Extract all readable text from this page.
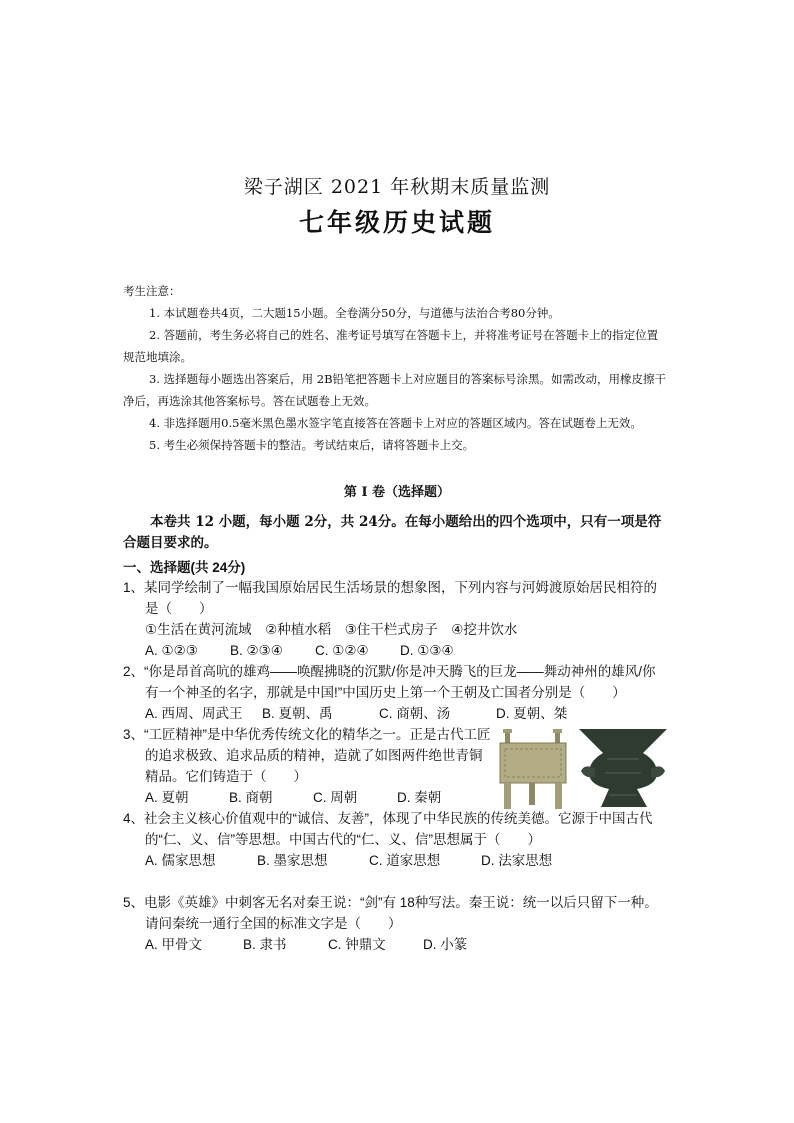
梁子湖区 2021 年秋期末质量监测
七年级历史试题

考生注意：

1. 本试题卷共4页，二大题15小题。全卷满分50分，与道德与法治合考80分钟。

2. 答题前，考生务必将自己的姓名、准考证号填写在答题卡上，并将准考证号在答题卡上的指定位置规范地填涂。

3. 选择题每小题选出答案后，用 2B铅笔把答题卡上对应题目的答案标号涂黑。如需改动，用橡皮擦干净后，再选涂其他答案标号。答在试题卷上无效。

4. 非选择题用0.5毫米黑色墨水签字笔直接答在答题卡上对应的答题区域内。答在试题卷上无效。

5. 考生必须保持答题卡的整洁。考试结束后，请将答题卡上交。

第 Ⅰ 卷（选择题）
本卷共 12 小题，每小题 2分，共 24分。在每小题给出的四个选项中，只有一项是符合题目要求的。
一、选择题(共 24分)
1、某同学绘制了一幅我国原始居民生活场景的想象图，下列内容与河姆渡原始居民相符的是（　　）
①生活在黄河流域　②种植水稻　③住干栏式房子　④挖井饮水
A. ①②③ B. ②③④ C. ①②④ D. ①③④
2、“你是昂首高吭的雄鸡——唤醒拂晓的沉默/你是冲天腾飞的巨龙——舞动神州的雄风/你有一个神圣的名字，那就是中国!”中国历史上第一个王朝及亡国者分别是（　　）
A. 西周、周武王 B. 夏朝、禹	C. 商朝、汤	D. 夏朝、桀
3、“工匠精神”是中华优秀传统文化的精华之一。正是古代工匠的追求极致、追求品质的精神，造就了如图两件绝世青铜精品。它们铸造于（　　）
A. 夏朝	B. 商朝	C. 周朝	D. 秦朝
4、社会主义核心价值观中的“诚信、友善”，体现了中华民族的传统美德。它源于中国古代的“仁、义、信”等思想。中国古代的“仁、义、信”思想属于（　　）
A. 儒家思想	B. 墨家思想	C. 道家思想	D. 法家思想
5、电影《英雄》中刺客无名对秦王说：“剑”有 18种写法。秦王说：统一以后只留下一种。请问秦统一通行全国的标准文字是（　　）
A. 甲骨文	B. 隶书	C. 钟鼎文	D. 小篆
